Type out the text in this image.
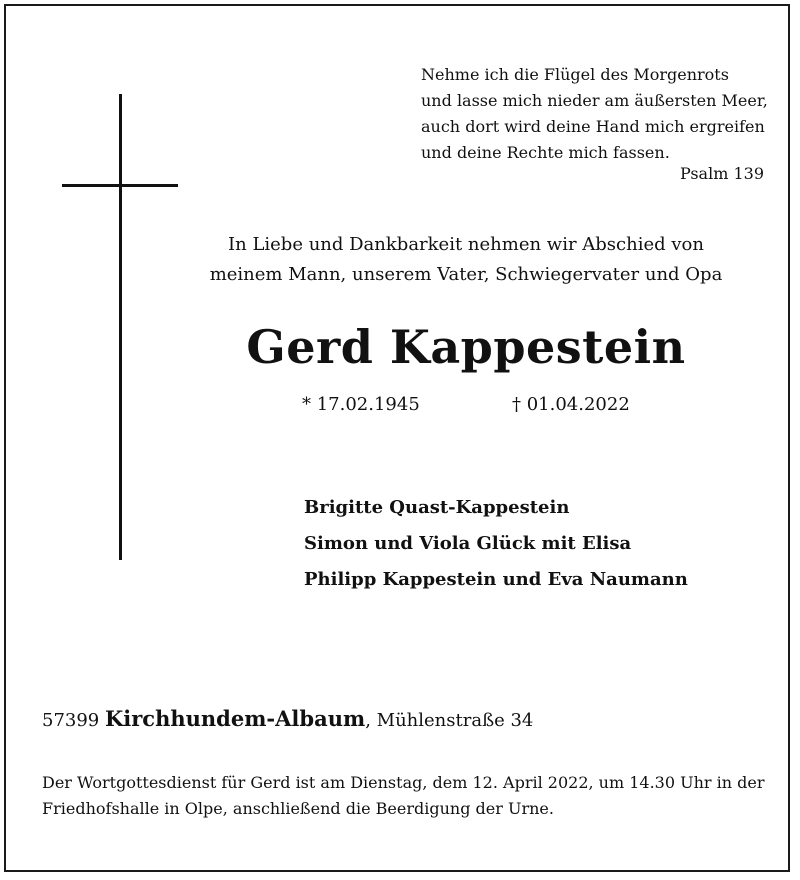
Nehme ich die Flügel des Morgenrots
und lasse mich nieder am äußersten Meer,
auch dort wird deine Hand mich ergreifen
und deine Rechte mich fassen.
Psalm 139
In Liebe und Dankbarkeit nehmen wir Abschied von
meinem Mann, unserem Vater, Schwiegervater und Opa
Gerd Kappestein
* 17.02.1945	† 01.04.2022
Brigitte Quast-Kappestein
Simon und Viola Glück mit Elisa
Philipp Kappestein und Eva Naumann
57399 Kirchhundem-Albaum, Mühlenstraße 34
Der Wortgottesdienst für Gerd ist am Dienstag, dem 12. April 2022, um 14.30 Uhr in der
Friedhofshalle in Olpe, anschließend die Beerdigung der Urne.
